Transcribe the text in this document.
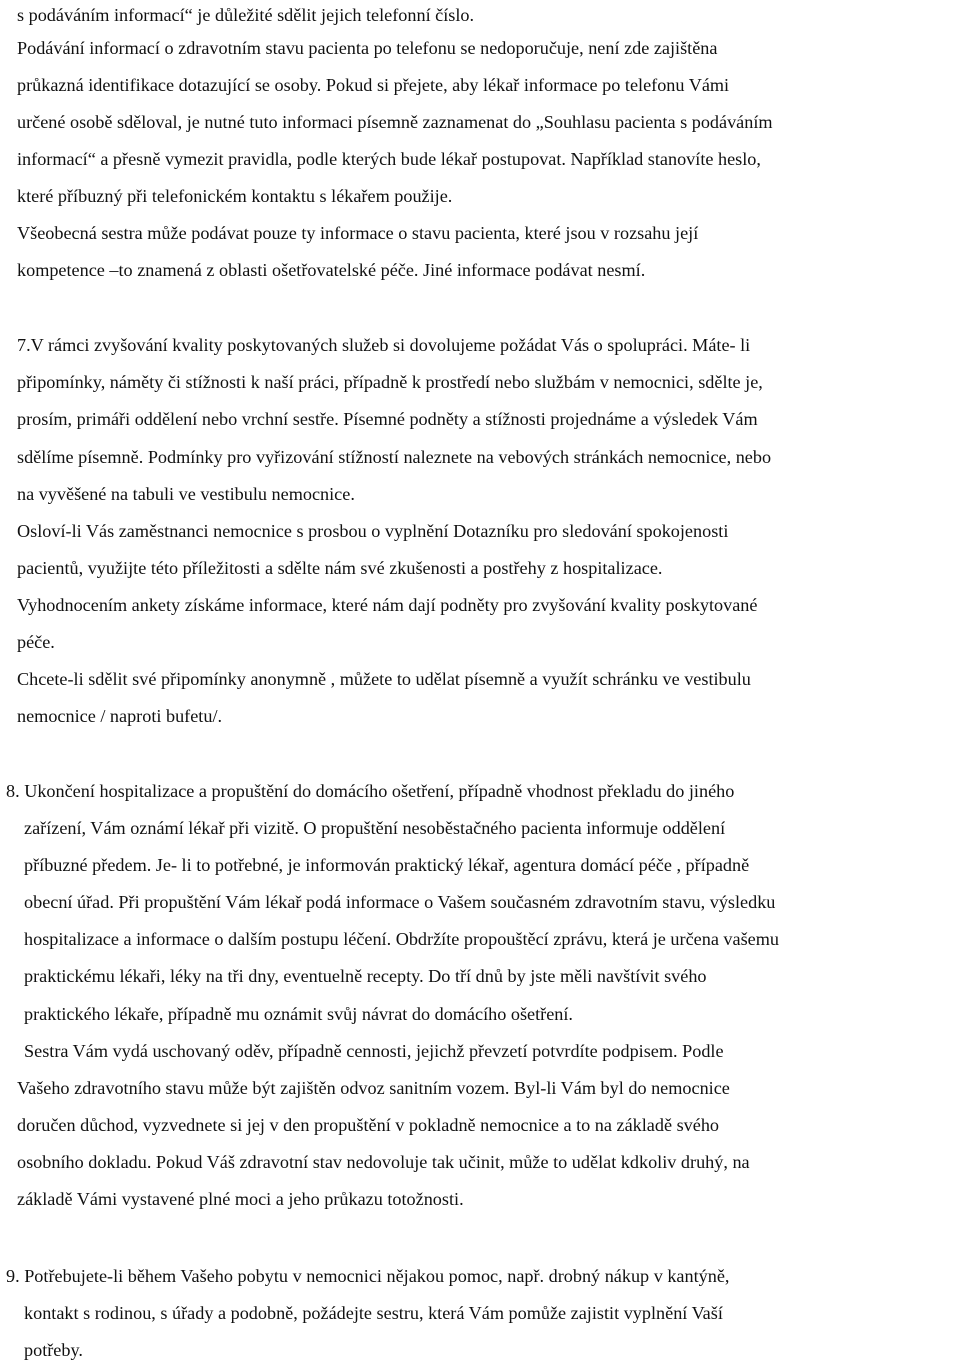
s podáváním informací“ je důležité sdělit jejich telefonní číslo.
Podávání informací o zdravotním stavu pacienta po telefonu se nedoporučuje, není zde zajištěna
průkazná identifikace dotazující se osoby. Pokud si přejete, aby lékař informace po telefonu Vámi
určené osobě sděloval, je nutné tuto informaci písemně zaznamenat do „Souhlasu pacienta s podáváním
informací“ a přesně vymezit pravidla, podle kterých bude lékař postupovat. Například stanovíte heslo,
které příbuzný při telefonickém kontaktu s lékařem použije.
Všeobecná sestra může podávat pouze ty informace o stavu pacienta, které jsou v rozsahu její
kompetence –to znamená z oblasti ošetřovatelské péče. Jiné informace podávat nesmí.
7.V rámci zvyšování kvality poskytovaných služeb si dovolujeme požádat Vás o spolupráci. Máte- li
připomínky, náměty či stížnosti k naší práci, případně k prostředí nebo službám v nemocnici, sdělte je,
prosím, primáři oddělení nebo vrchní sestře. Písemné podněty a stížnosti projednáme a výsledek Vám
sdělíme písemně. Podmínky pro vyřizování stížností naleznete na vebových stránkách nemocnice, nebo
na vyvěšené na tabuli ve vestibulu nemocnice.
Osloví-li Vás zaměstnanci nemocnice s prosbou o vyplnění Dotazníku pro sledování spokojenosti
pacientů, využijte této příležitosti a sdělte nám své zkušenosti a postřehy z hospitalizace.
Vyhodnocením ankety získáme informace, které nám dají podněty pro zvyšování kvality poskytované
péče.
Chcete-li sdělit své připomínky anonymně , můžete to udělat písemně a využít schránku ve vestibulu
nemocnice / naproti bufetu/.
8. Ukončení hospitalizace a propuštění do domácího ošetření, případně vhodnost překladu do jiného
zařízení, Vám oznámí lékař při vizitě. O propuštění nesoběstačného pacienta informuje oddělení
příbuzné předem. Je- li to potřebné, je informován praktický lékař, agentura domácí péče , případně
obecní úřad. Při propuštění Vám lékař podá informace o Vašem současném zdravotním stavu, výsledku
hospitalizace a informace o dalším postupu léčení. Obdržíte propouštěcí zprávu, která je určena vašemu
praktickému lékaři, léky na tři dny, eventuelně recepty. Do tří dnů by jste měli navštívit svého
praktického lékaře, případně mu oznámit svůj návrat do domácího ošetření.
Sestra Vám vydá uschovaný oděv, případně cennosti, jejichž převzetí potvrdíte podpisem. Podle
Vašeho zdravotního stavu může být zajištěn odvoz sanitním vozem. Byl-li Vám byl do nemocnice
doručen důchod, vyzvednete si jej v den propuštění v pokladně nemocnice a to na základě svého
osobního dokladu. Pokud Váš zdravotní stav nedovoluje tak učinit, může to udělat kdkoliv druhý, na
základě Vámi vystavené plné moci a jeho průkazu totožnosti.
9. Potřebujete-li během Vašeho pobytu v nemocnici nějakou pomoc, např. drobný nákup v kantýně,
kontakt s rodinou, s úřady a podobně, požádejte sestru, která Vám pomůže zajistit vyplnění Vaší
potřeby.
